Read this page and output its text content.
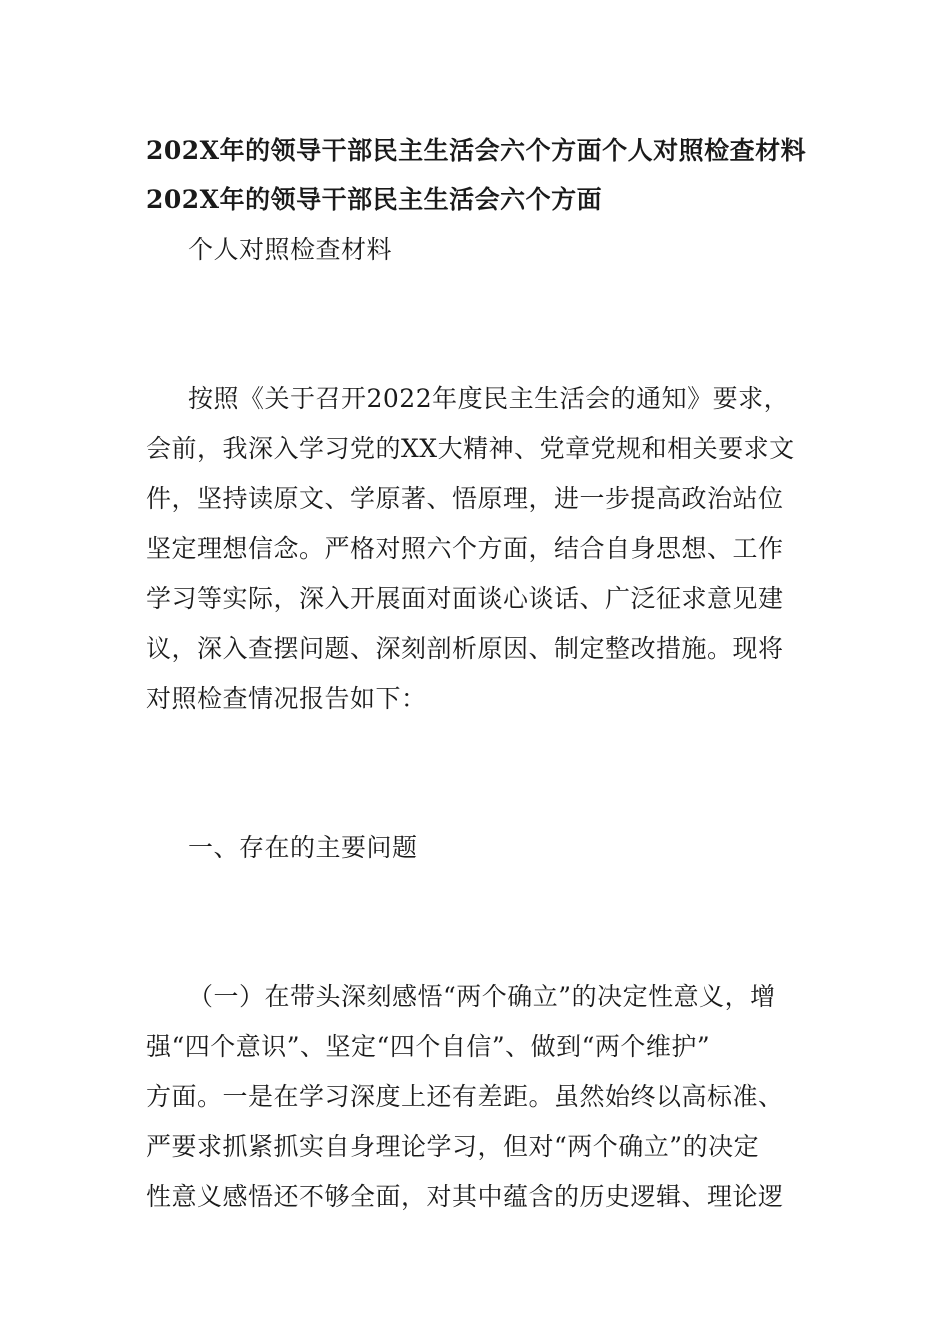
202X年的领导干部民主生活会六个方面个人对照检查材料
202X年的领导干部民主生活会六个方面
个人对照检查材料
按照《关于召开2022年度民主生活会的通知》要求，
会前，我深入学习党的XX大精神、党章党规和相关要求文
件，坚持读原文、学原著、悟原理，进一步提高政治站位
坚定理想信念。严格对照六个方面，结合自身思想、工作
学习等实际，深入开展面对面谈心谈话、广泛征求意见建
议，深入查摆问题、深刻剖析原因、制定整改措施。现将
对照检查情况报告如下：
一、存在的主要问题
（一）在带头深刻感悟“两个确立”的决定性意义，增
强“四个意识”、坚定“四个自信”、做到“两个维护”
方面。一是在学习深度上还有差距。虽然始终以高标准、
严要求抓紧抓实自身理论学习，但对“两个确立”的决定
性意义感悟还不够全面，对其中蕴含的历史逻辑、理论逻
